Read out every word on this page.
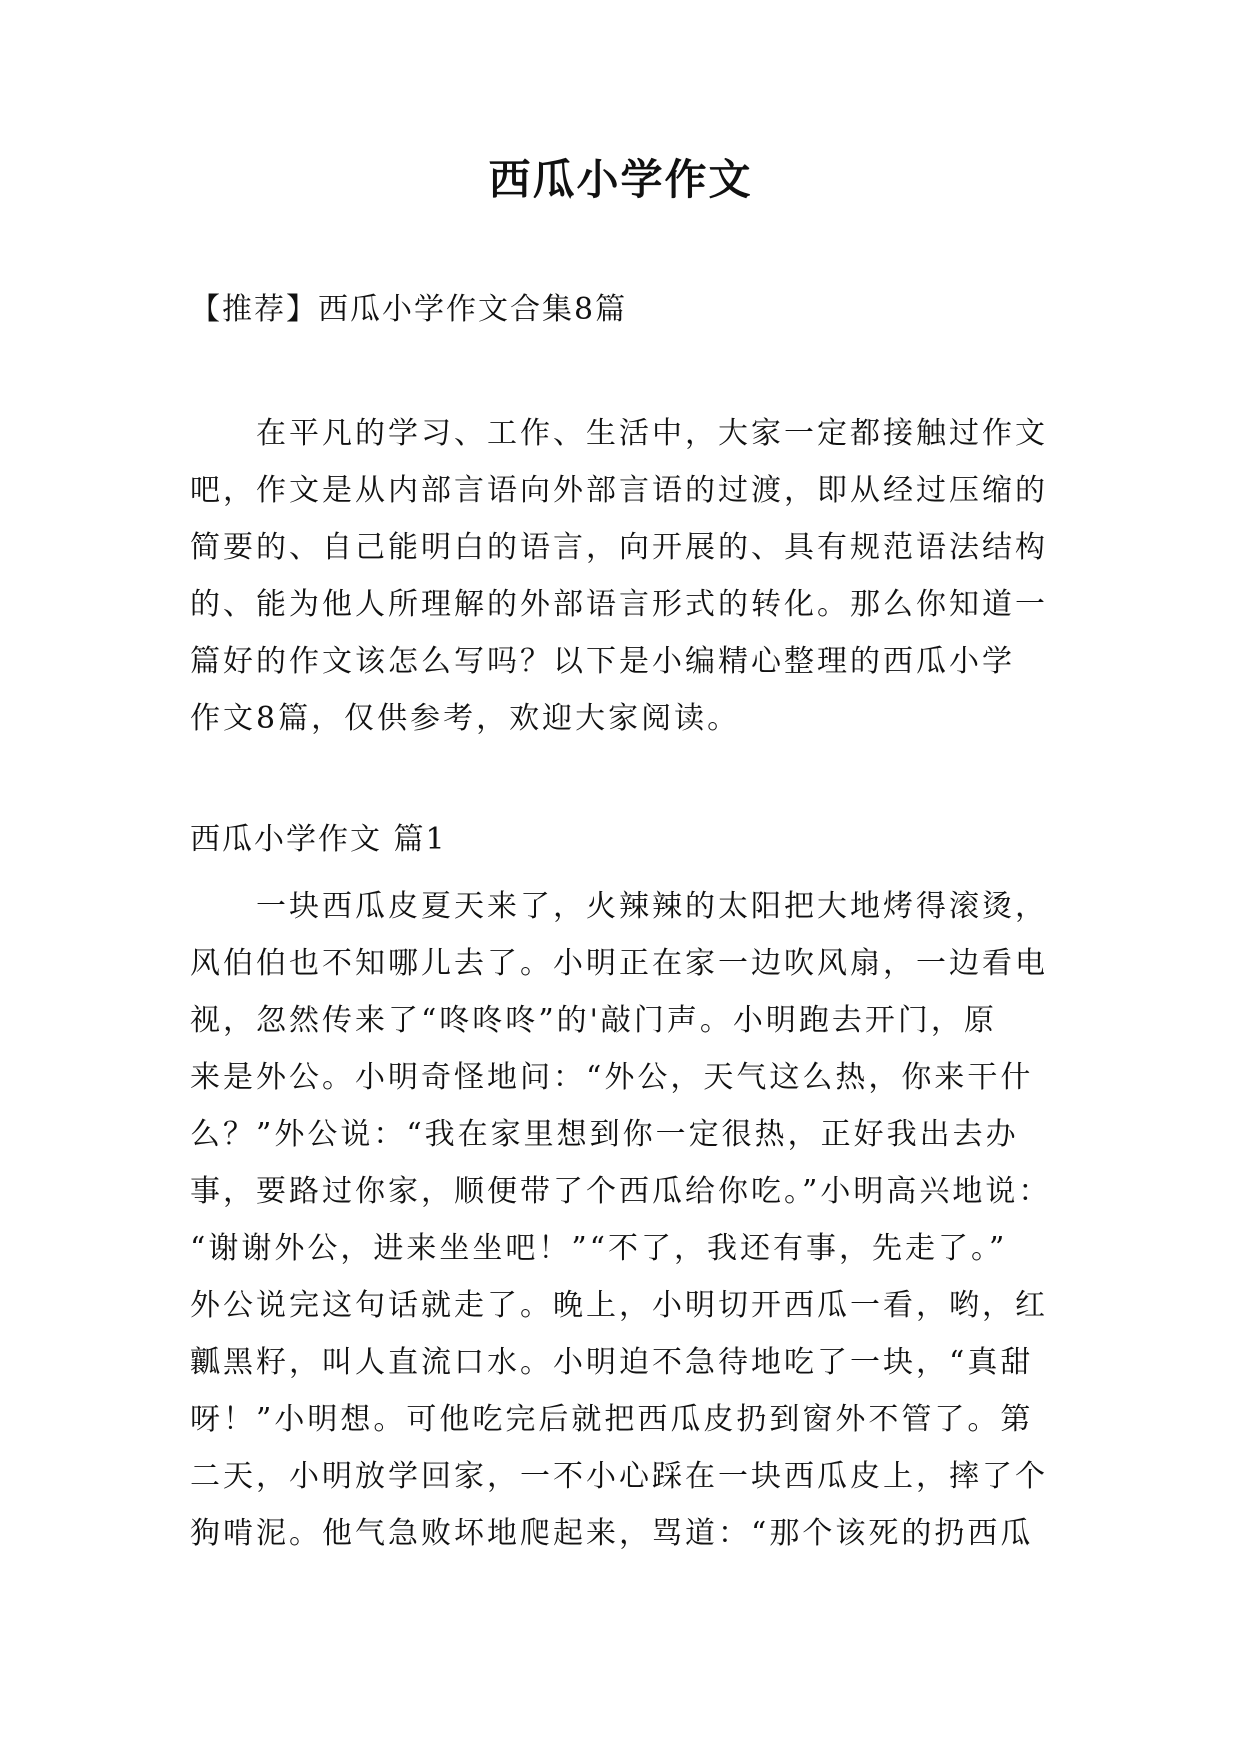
西瓜小学作文
【推荐】西瓜小学作文合集8篇
在平凡的学习、工作、生活中，大家一定都接触过作文
吧，作文是从内部言语向外部言语的过渡，即从经过压缩的
简要的、自己能明白的语言，向开展的、具有规范语法结构
的、能为他人所理解的外部语言形式的转化。那么你知道一
篇好的作文该怎么写吗？以下是小编精心整理的西瓜小学
作文8篇，仅供参考，欢迎大家阅读。
西瓜小学作文 篇1
一块西瓜皮夏天来了，火辣辣的太阳把大地烤得滚烫，
风伯伯也不知哪儿去了。小明正在家一边吹风扇，一边看电
视，忽然传来了“咚咚咚”的'敲门声。小明跑去开门，原
来是外公。小明奇怪地问：“外公，天气这么热，你来干什
么？”外公说：“我在家里想到你一定很热，正好我出去办
事，要路过你家，顺便带了个西瓜给你吃。”小明高兴地说：
“谢谢外公，进来坐坐吧！”“不了，我还有事，先走了。”
外公说完这句话就走了。晚上，小明切开西瓜一看，哟，红
瓤黑籽，叫人直流口水。小明迫不急待地吃了一块，“真甜
呀！”小明想。可他吃完后就把西瓜皮扔到窗外不管了。第
二天，小明放学回家，一不小心踩在一块西瓜皮上，摔了个
狗啃泥。他气急败坏地爬起来，骂道：“那个该死的扔西瓜
